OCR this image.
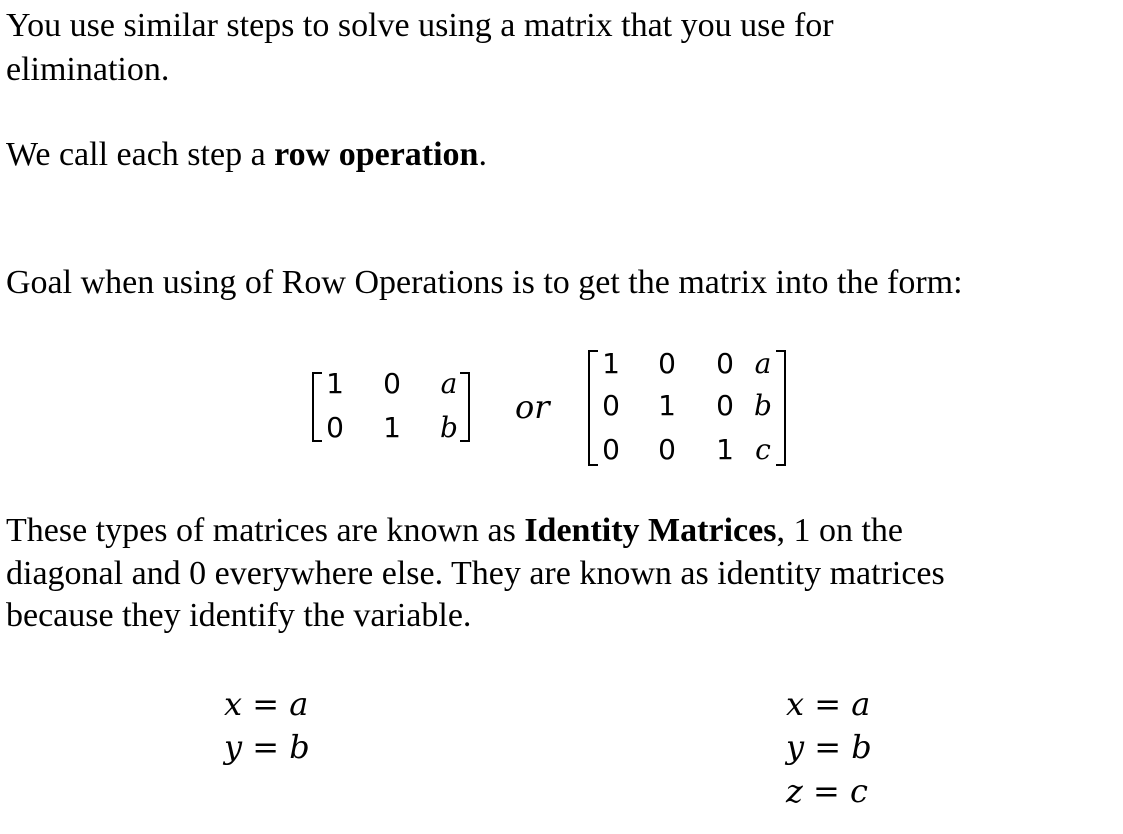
You use similar steps to solve using a matrix that you use for
elimination.
We call each step a row operation.
Goal when using of Row Operations is to get the matrix into the form:
1 0 a
0 1 b
or
1 0 0 a
0 1 0 b
0 0 1 c
These types of matrices are known as Identity Matrices, 1 on the
diagonal and 0 everywhere else. They are known as identity matrices
because they identify the variable.
x = a
y = b
x = a
y = b
z = c
